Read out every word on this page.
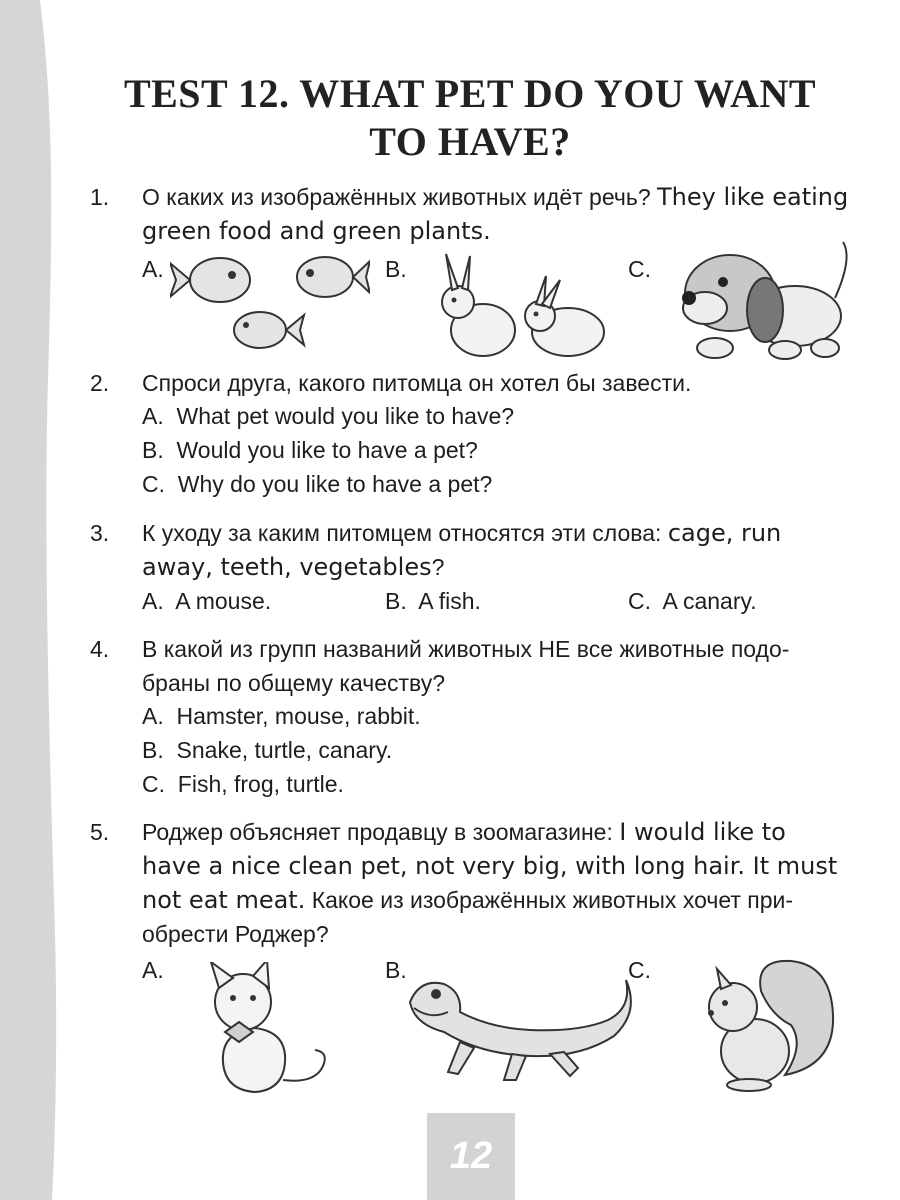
TEST 12. WHAT PET DO YOU WANT
TO HAVE?
1.	О каких из изображённых животных идёт речь? They like eating green food and green plants.
A.	B.	C.
2.	Спроси друга, какого питомца он хотел бы завести.
A. What pet would you like to have?
B. Would you like to have a pet?
C. Why do you like to have a pet?
3.	К уходу за каким питомцем относятся эти слова: cage, run
away, teeth, vegetables?
A. A mouse.	B. A fish.	C. A canary.
4.	В какой из групп названий животных НЕ все животные подо-
браны по общему качеству?
A. Hamster, mouse, rabbit.
B. Snake, turtle, canary.
C. Fish, frog, turtle.
5.	Роджер объясняет продавцу в зоомагазине: I would like to
have a nice clean pet, not very big, with long hair. It must
not eat meat. Какое из изображённых животных хочет при-
обрести Роджер?
A.	B.	C.
12
